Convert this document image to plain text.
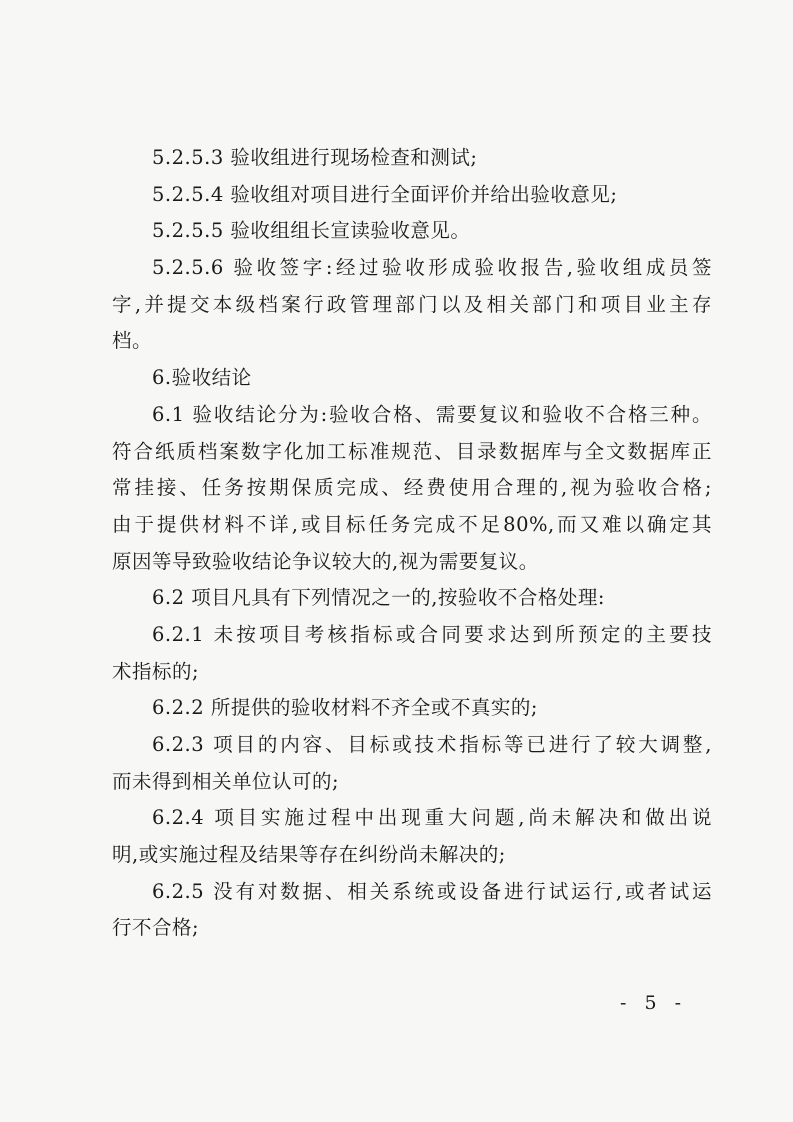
5.2.5.3 验收组进行现场检查和测试;
5.2.5.4 验收组对项目进行全面评价并给出验收意见;
5.2.5.5 验收组组长宣读验收意见。
5.2.5.6 验收签字:经过验收形成验收报告,验收组成员签
字,并提交本级档案行政管理部门以及相关部门和项目业主存
档。
6.验收结论
6.1 验收结论分为:验收合格、需要复议和验收不合格三种。
符合纸质档案数字化加工标准规范、目录数据库与全文数据库正
常挂接、任务按期保质完成、经费使用合理的,视为验收合格;
由于提供材料不详,或目标任务完成不足80%,而又难以确定其
原因等导致验收结论争议较大的,视为需要复议。
6.2 项目凡具有下列情况之一的,按验收不合格处理:
6.2.1 未按项目考核指标或合同要求达到所预定的主要技
术指标的;
6.2.2 所提供的验收材料不齐全或不真实的;
6.2.3 项目的内容、目标或技术指标等已进行了较大调整,
而未得到相关单位认可的;
6.2.4 项目实施过程中出现重大问题,尚未解决和做出说
明,或实施过程及结果等存在纠纷尚未解决的;
6.2.5 没有对数据、相关系统或设备进行试运行,或者试运
行不合格;
- 5 -
